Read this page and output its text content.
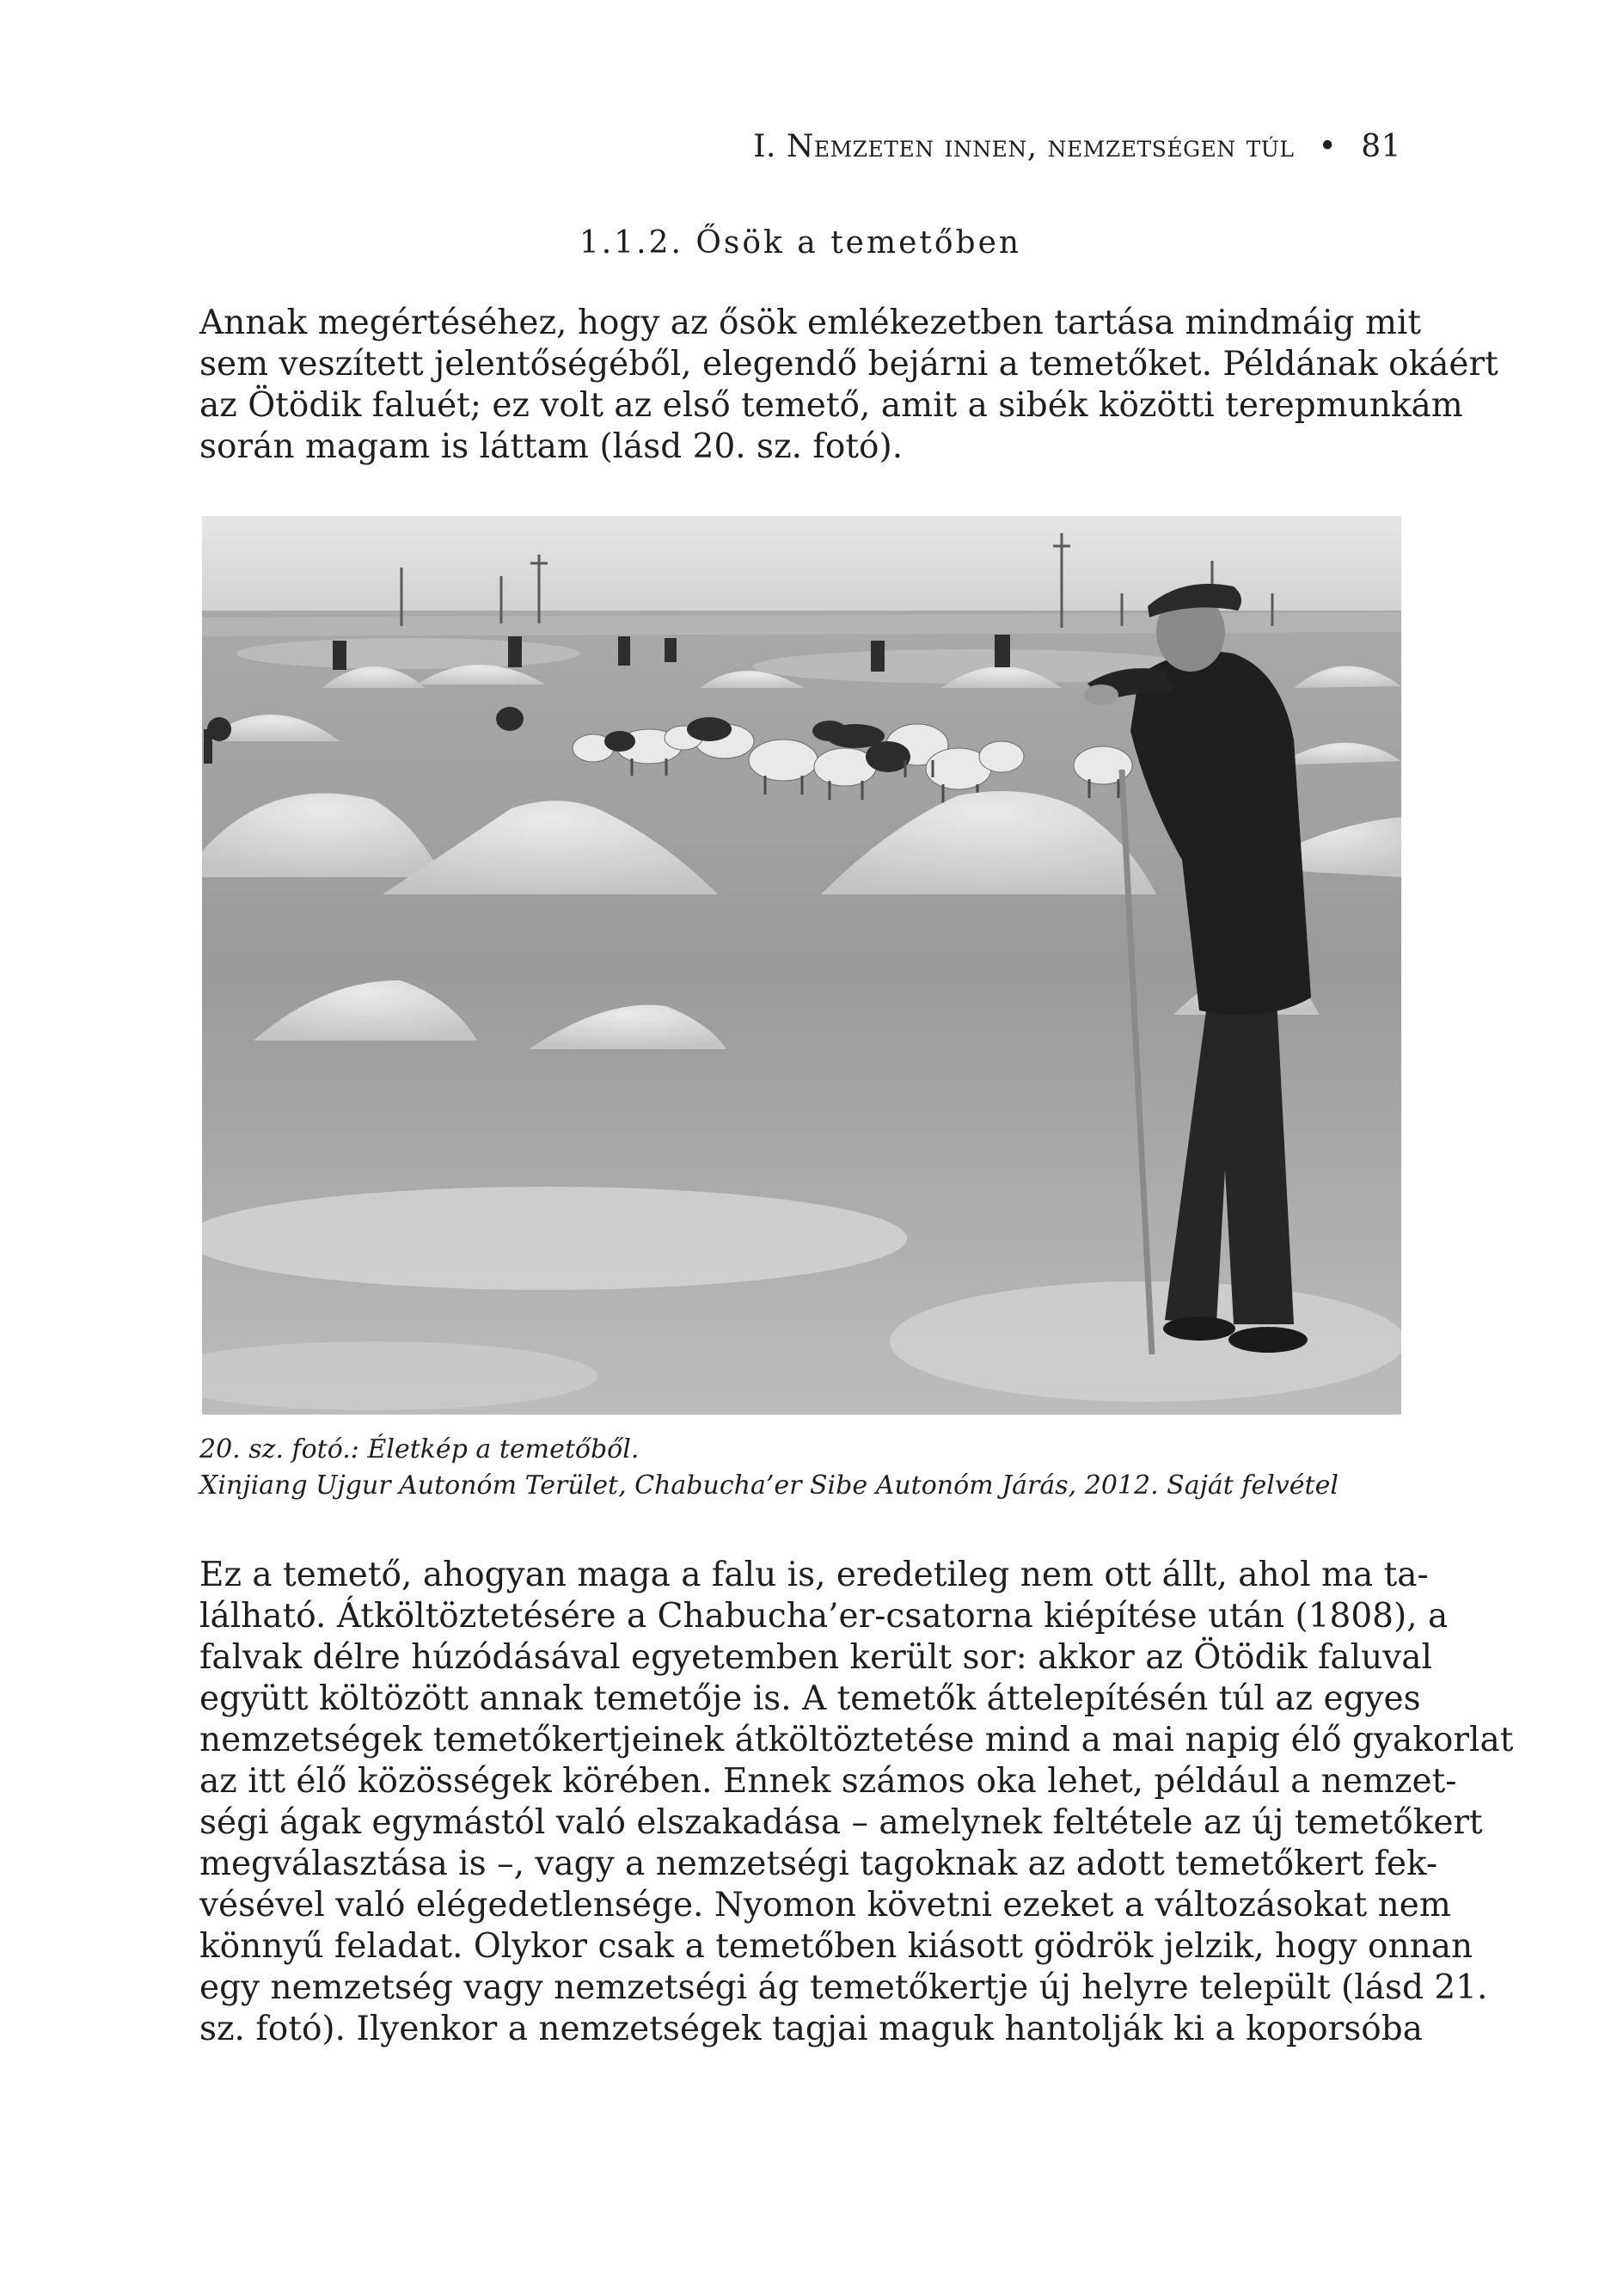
I. Nemzeten innen, nemzetségen túl • 81
1.1.2. Ősök a temetőben

Annak megértéséhez, hogy az ősök emlékezetben tartása mindmáig mit
sem veszített jelentőségéből, elegendő bejárni a temetőket. Példának okáért
az Ötödik faluét; ez volt az első temető, amit a sibék közötti terepmunkám
során magam is láttam (lásd 20. sz. fotó).

20. sz. fotó.: Életkép a temetőből.
Xinjiang Ujgur Autonóm Terület, Chabucha’er Sibe Autonóm Járás, 2012. Saját felvétel

Ez a temető, ahogyan maga a falu is, eredetileg nem ott állt, ahol ma ta-
lálható. Átköltöztetésére a Chabucha’er-csatorna kiépítése után (1808), a
falvak délre húzódásával egyetemben került sor: akkor az Ötödik faluval
együtt költözött annak temetője is. A temetők áttelepítésén túl az egyes
nemzetségek temetőkertjeinek átköltöztetése mind a mai napig élő gyakorlat
az itt élő közösségek körében. Ennek számos oka lehet, például a nemzet-
ségi ágak egymástól való elszakadása – amelynek feltétele az új temetőkert
megválasztása is –, vagy a nemzetségi tagoknak az adott temetőkert fek-
vésével való elégedetlensége. Nyomon követni ezeket a változásokat nem
könnyű feladat. Olykor csak a temetőben kiásott gödrök jelzik, hogy onnan
egy nemzetség vagy nemzetségi ág temetőkertje új helyre települt (lásd 21.
sz. fotó). Ilyenkor a nemzetségek tagjai maguk hantolják ki a koporsóba
